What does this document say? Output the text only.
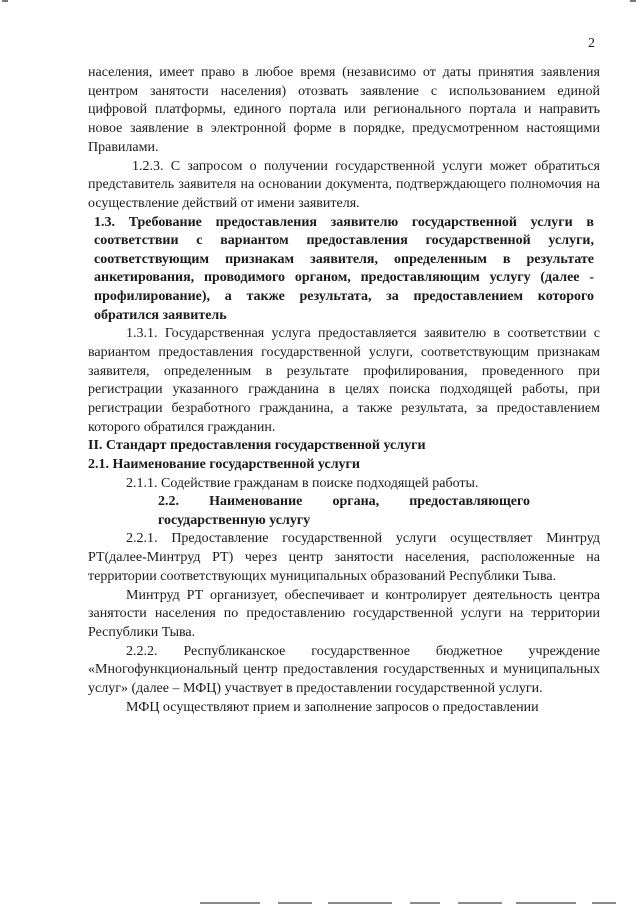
2

населения, имеет право в любое время (независимо от даты принятия заявления центром занятости населения) отозвать заявление с использованием единой цифровой платформы, единого портала или регионального портала и направить новое заявление в электронной форме в порядке, предусмотренном настоящими Правилами.

1.2.3. С запросом о получении государственной услуги может обратиться представитель заявителя на основании документа, подтверждающего полномочия на осуществление действий от имени заявителя.

1.3. Требование предоставления заявителю государственной услуги в соответствии с вариантом предоставления государственной услуги, соответствующим признакам заявителя, определенным в результате анкетирования, проводимого органом, предоставляющим услугу (далее - профилирование), а также результата, за предоставлением которого обратился заявитель

1.3.1. Государственная услуга предоставляется заявителю в соответствии с вариантом предоставления государственной услуги, соответствующим признакам заявителя, определенным в результате профилирования, проведенного при регистрации указанного гражданина в целях поиска подходящей работы, при регистрации безработного гражданина, а также результата, за предоставлением которого обратился гражданин.

II. Стандарт предоставления государственной услуги

2.1. Наименование государственной услуги

2.1.1. Содействие гражданам в поиске подходящей работы.

2.2. Наименование органа, предоставляющего государственную услугу

2.2.1. Предоставление государственной услуги осуществляет Минтруд РТ(далее-Минтруд РТ) через центр занятости населения, расположенные на территории соответствующих муниципальных образований Республики Тыва.

Минтруд РТ организует, обеспечивает и контролирует деятельность центра занятости населения по предоставлению государственной услуги на территории Республики Тыва.

2.2.2. Республиканское государственное бюджетное учреждение «Многофункциональный центр предоставления государственных и муниципальных услуг» (далее – МФЦ) участвует в предоставлении государственной услуги.

МФЦ осуществляют прием и заполнение запросов о предоставлении
